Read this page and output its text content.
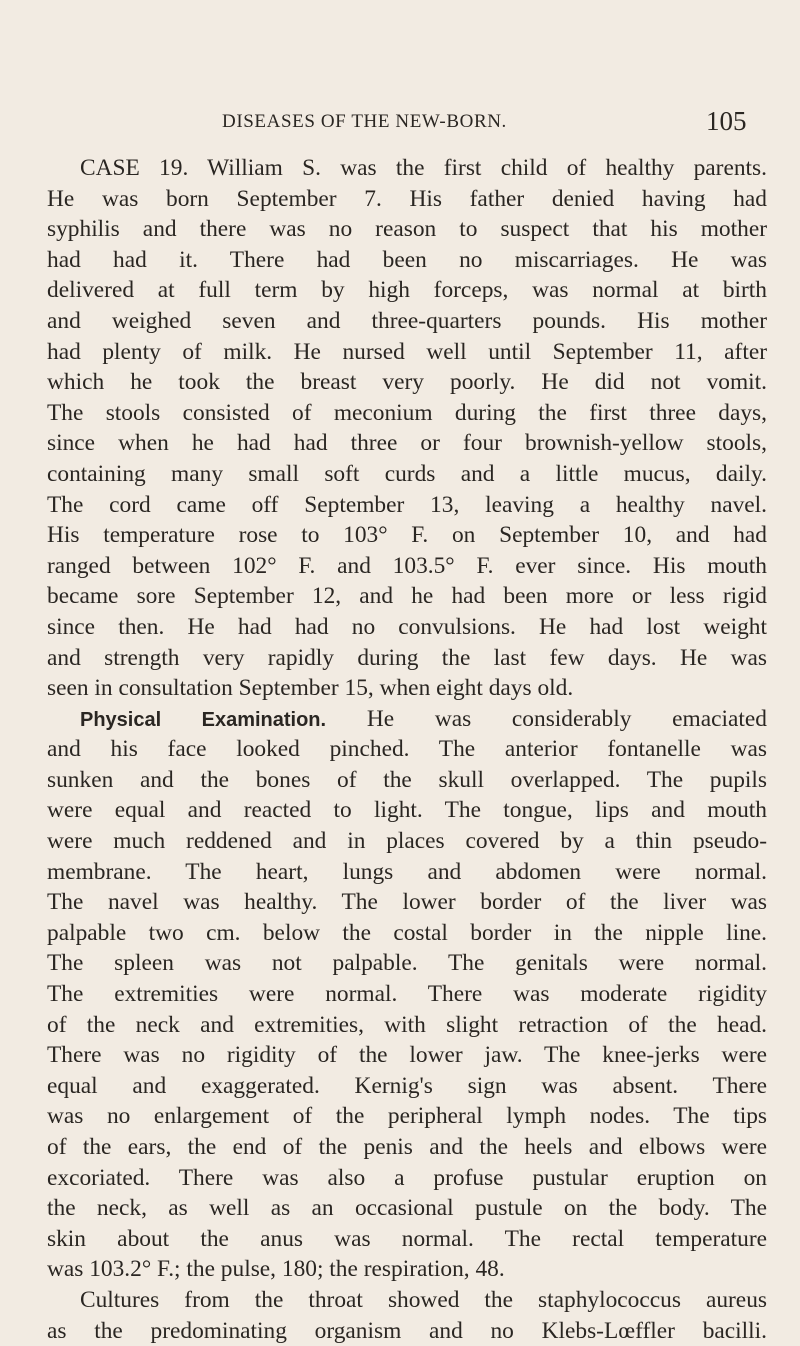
DISEASES OF THE NEW-BORN.	105
CASE 19. William S. was the first child of healthy parents.
He was born September 7. His father denied having had
syphilis and there was no reason to suspect that his mother
had had it. There had been no miscarriages. He was
delivered at full term by high forceps, was normal at birth
and weighed seven and three-quarters pounds. His mother
had plenty of milk. He nursed well until September 11, after
which he took the breast very poorly. He did not vomit.
The stools consisted of meconium during the first three days,
since when he had had three or four brownish-yellow stools,
containing many small soft curds and a little mucus, daily.
The cord came off September 13, leaving a healthy navel.
His temperature rose to 103° F. on September 10, and had
ranged between 102° F. and 103.5° F. ever since. His mouth
became sore September 12, and he had been more or less rigid
since then. He had had no convulsions. He had lost weight
and strength very rapidly during the last few days. He was
seen in consultation September 15, when eight days old.
Physical Examination. He was considerably emaciated
and his face looked pinched. The anterior fontanelle was
sunken and the bones of the skull overlapped. The pupils
were equal and reacted to light. The tongue, lips and mouth
were much reddened and in places covered by a thin pseudo-
membrane. The heart, lungs and abdomen were normal.
The navel was healthy. The lower border of the liver was
palpable two cm. below the costal border in the nipple line.
The spleen was not palpable. The genitals were normal.
The extremities were normal. There was moderate rigidity
of the neck and extremities, with slight retraction of the head.
There was no rigidity of the lower jaw. The knee-jerks were
equal and exaggerated. Kernig's sign was absent. There
was no enlargement of the peripheral lymph nodes. The tips
of the ears, the end of the penis and the heels and elbows were
excoriated. There was also a profuse pustular eruption on
the neck, as well as an occasional pustule on the body. The
skin about the anus was normal. The rectal temperature
was 103.2° F.; the pulse, 180; the respiration, 48.
Cultures from the throat showed the staphylococcus aureus
as the predominating organism and no Klebs-Lœffler bacilli.
